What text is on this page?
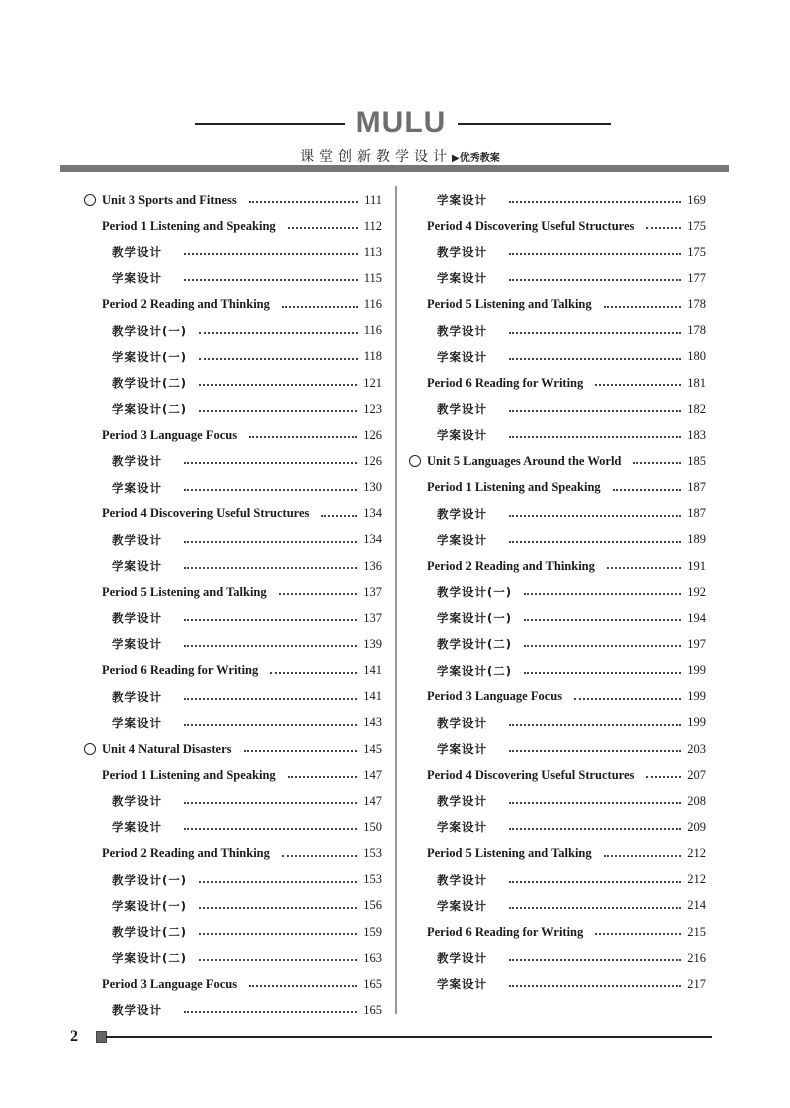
MULU
课堂创新教学设计▶优秀教案
Unit 3 Sports and Fitness	111
Period 1 Listening and Speaking	112
教学设计	113
学案设计	115
Period 2 Reading and Thinking	116
教学设计(一)	116
学案设计(一)	118
教学设计(二)	121
学案设计(二)	123
Period 3 Language Focus	126
教学设计	126
学案设计	130
Period 4 Discovering Useful Structures	134
教学设计	134
学案设计	136
Period 5 Listening and Talking	137
教学设计	137
学案设计	139
Period 6 Reading for Writing	141
教学设计	141
学案设计	143
Unit 4 Natural Disasters	145
Period 1 Listening and Speaking	147
教学设计	147
学案设计	150
Period 2 Reading and Thinking	153
教学设计(一)	153
学案设计(一)	156
教学设计(二)	159
学案设计(二)	163
Period 3 Language Focus	165
教学设计	165
学案设计	169
Period 4 Discovering Useful Structures	175
教学设计	175
学案设计	177
Period 5 Listening and Talking	178
教学设计	178
学案设计	180
Period 6 Reading for Writing	181
教学设计	182
学案设计	183
Unit 5 Languages Around the World	185
Period 1 Listening and Speaking	187
教学设计	187
学案设计	189
Period 2 Reading and Thinking	191
教学设计(一)	192
学案设计(一)	194
教学设计(二)	197
学案设计(二)	199
Period 3 Language Focus	199
教学设计	199
学案设计	203
Period 4 Discovering Useful Structures	207
教学设计	208
学案设计	209
Period 5 Listening and Talking	212
教学设计	212
学案设计	214
Period 6 Reading for Writing	215
教学设计	216
学案设计	217
2
